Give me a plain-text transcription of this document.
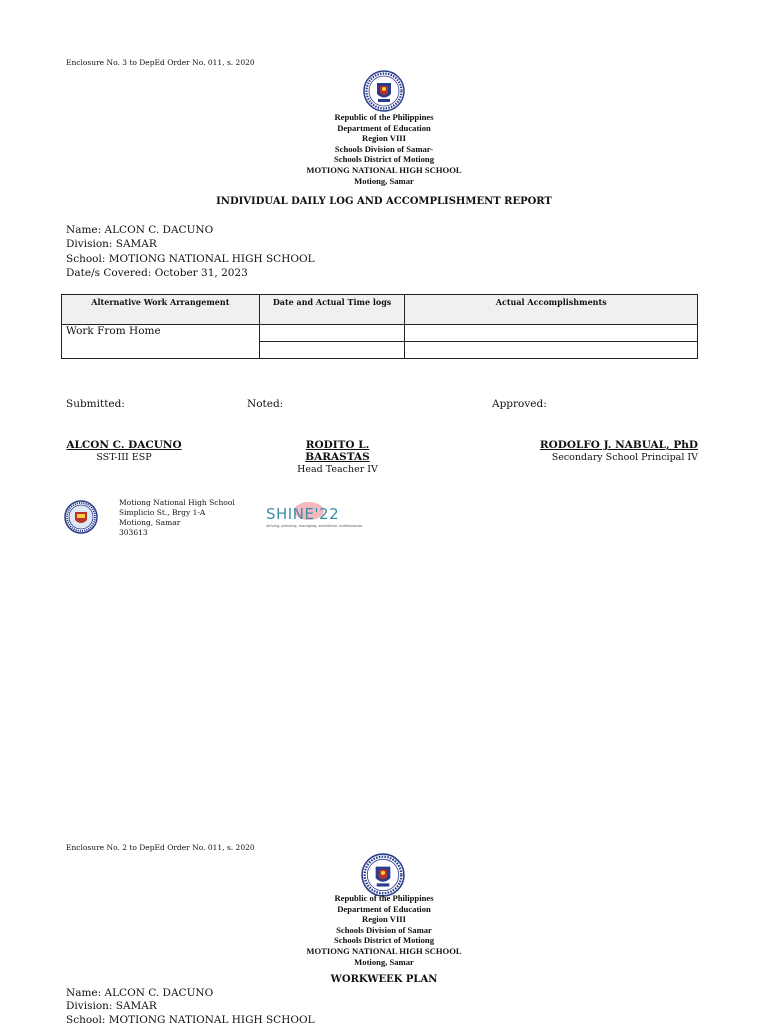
Enclosure No. 3 to DepEd Order No. 011, s. 2020
Republic of the Philippines
Department of Education
Region VIII
Schools Division of Samar-
Schools District of Motiong
MOTIONG NATIONAL HIGH SCHOOL
Motiong, Samar
INDIVIDUAL DAILY LOG AND ACCOMPLISHMENT REPORT
Name: ALCON C. DACUNO
Division: SAMAR
School: MOTIONG NATIONAL HIGH SCHOOL
Date/s Covered: October 31, 2023
Alternative Work Arrangement	Date and Actual Time logs	Actual Accomplishments
Work From Home		

Submitted:	Noted:	Approved:
ALCON C. DACUNO
SST-III ESP
RODITO L. BARASTAS
Head Teacher IV
RODOLFO J. NABUAL, PhD
Secondary School Principal IV
Motiong National High School
Simplicio St., Brgy 1-A
Motiong, Samar
303613
SHINE'22
striving, planning, managing, excellence, professionals
Enclosure No. 2 to DepEd Order No. 011, s. 2020
Republic of the Philippines
Department of Education
Region VIII
Schools Division of Samar
Schools District of Motiong
MOTIONG NATIONAL HIGH SCHOOL
Motiong, Samar
WORKWEEK PLAN
Name: ALCON C. DACUNO
Division: SAMAR
School: MOTIONG NATIONAL HIGH SCHOOL
